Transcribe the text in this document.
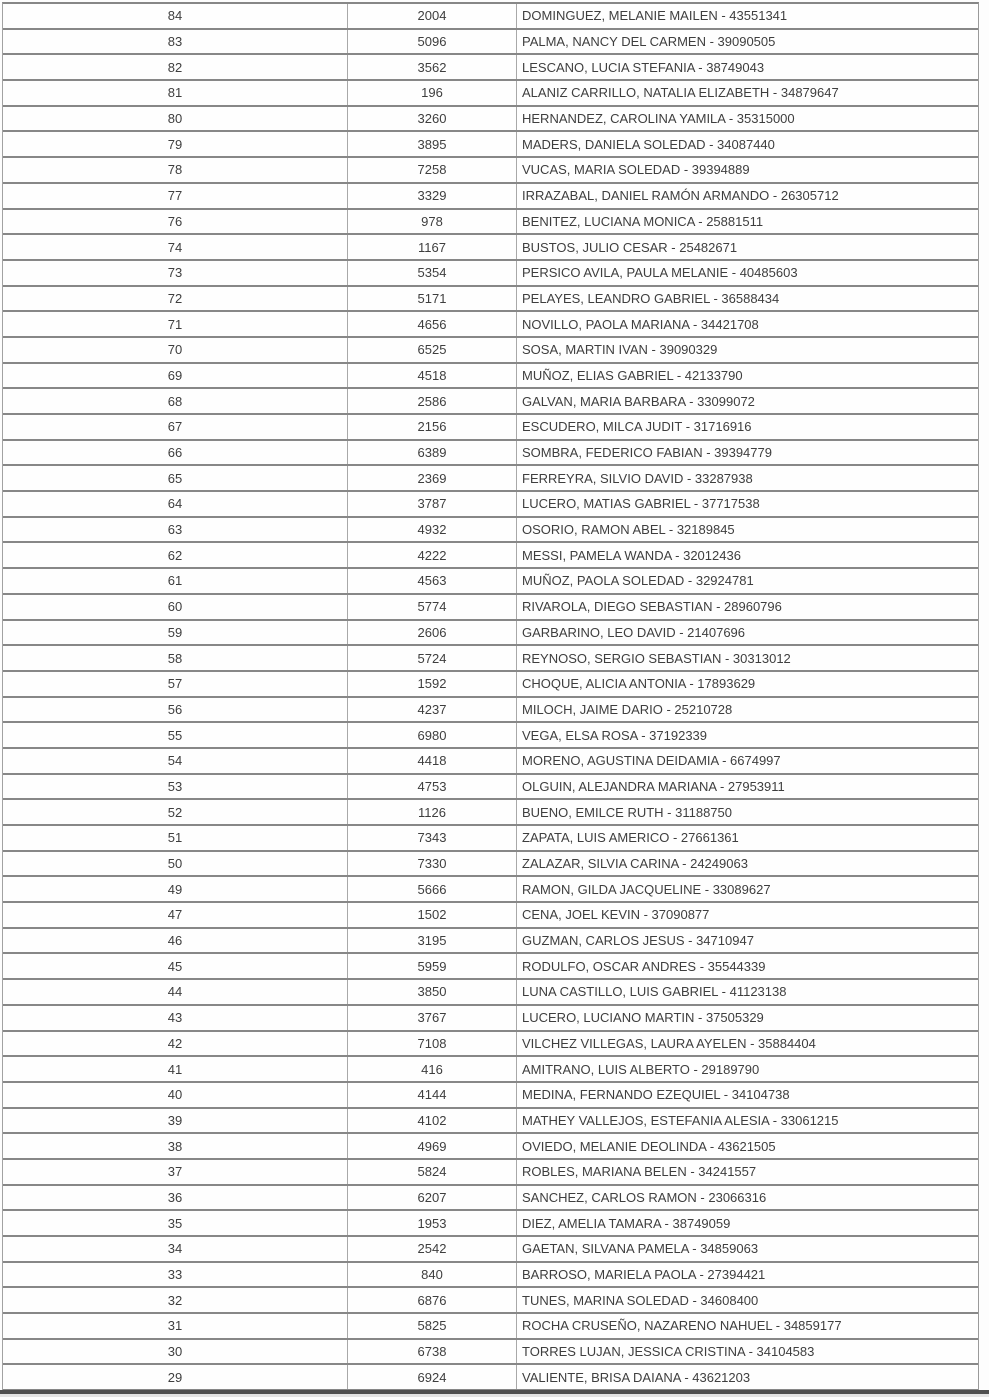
84	2004	DOMINGUEZ, MELANIE MAILEN - 43551341
83	5096	PALMA, NANCY DEL CARMEN - 39090505
82	3562	LESCANO, LUCIA STEFANIA - 38749043
81	196	ALANIZ CARRILLO, NATALIA ELIZABETH - 34879647
80	3260	HERNANDEZ, CAROLINA YAMILA - 35315000
79	3895	MADERS, DANIELA SOLEDAD - 34087440
78	7258	VUCAS, MARIA SOLEDAD - 39394889
77	3329	IRRAZABAL, DANIEL RAMÓN ARMANDO - 26305712
76	978	BENITEZ, LUCIANA MONICA - 25881511
74	1167	BUSTOS, JULIO CESAR - 25482671
73	5354	PERSICO AVILA, PAULA MELANIE - 40485603
72	5171	PELAYES, LEANDRO GABRIEL - 36588434
71	4656	NOVILLO, PAOLA MARIANA - 34421708
70	6525	SOSA, MARTIN IVAN - 39090329
69	4518	MUÑOZ, ELIAS GABRIEL - 42133790
68	2586	GALVAN, MARIA BARBARA - 33099072
67	2156	ESCUDERO, MILCA JUDIT - 31716916
66	6389	SOMBRA, FEDERICO FABIAN - 39394779
65	2369	FERREYRA, SILVIO DAVID - 33287938
64	3787	LUCERO, MATIAS GABRIEL - 37717538
63	4932	OSORIO, RAMON ABEL - 32189845
62	4222	MESSI, PAMELA WANDA - 32012436
61	4563	MUÑOZ, PAOLA SOLEDAD - 32924781
60	5774	RIVAROLA, DIEGO SEBASTIAN - 28960796
59	2606	GARBARINO, LEO DAVID - 21407696
58	5724	REYNOSO, SERGIO SEBASTIAN - 30313012
57	1592	CHOQUE, ALICIA ANTONIA - 17893629
56	4237	MILOCH, JAIME DARIO - 25210728
55	6980	VEGA, ELSA ROSA - 37192339
54	4418	MORENO, AGUSTINA DEIDAMIA - 6674997
53	4753	OLGUIN, ALEJANDRA MARIANA - 27953911
52	1126	BUENO, EMILCE RUTH - 31188750
51	7343	ZAPATA, LUIS AMERICO - 27661361
50	7330	ZALAZAR, SILVIA CARINA - 24249063
49	5666	RAMON, GILDA JACQUELINE - 33089627
47	1502	CENA, JOEL KEVIN - 37090877
46	3195	GUZMAN, CARLOS JESUS - 34710947
45	5959	RODULFO, OSCAR ANDRES - 35544339
44	3850	LUNA CASTILLO, LUIS GABRIEL - 41123138
43	3767	LUCERO, LUCIANO MARTIN - 37505329
42	7108	VILCHEZ VILLEGAS, LAURA AYELEN - 35884404
41	416	AMITRANO, LUIS ALBERTO - 29189790
40	4144	MEDINA, FERNANDO EZEQUIEL - 34104738
39	4102	MATHEY VALLEJOS, ESTEFANIA ALESIA - 33061215
38	4969	OVIEDO, MELANIE DEOLINDA - 43621505
37	5824	ROBLES, MARIANA BELEN - 34241557
36	6207	SANCHEZ, CARLOS RAMON - 23066316
35	1953	DIEZ, AMELIA TAMARA - 38749059
34	2542	GAETAN, SILVANA PAMELA - 34859063
33	840	BARROSO, MARIELA PAOLA - 27394421
32	6876	TUNES, MARINA SOLEDAD - 34608400
31	5825	ROCHA CRUSEÑO, NAZARENO NAHUEL - 34859177
30	6738	TORRES LUJAN, JESSICA CRISTINA - 34104583
29	6924	VALIENTE, BRISA DAIANA - 43621203
